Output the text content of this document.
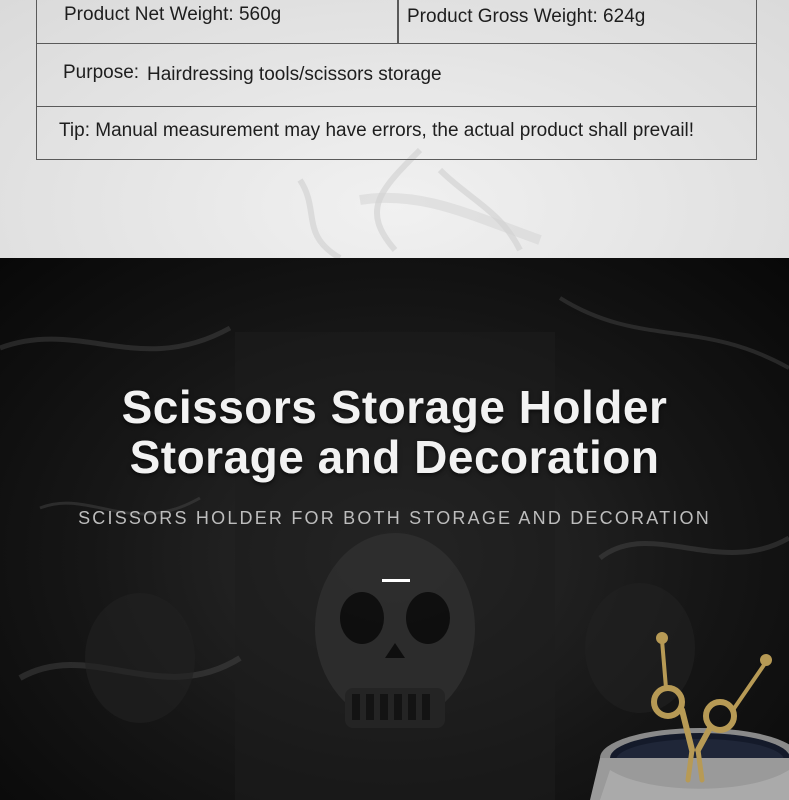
Product Net Weight: 560g	Product Gross Weight: 624g
Purpose: Hairdressing tools/scissors storage
Tip: Manual measurement may have errors, the actual product shall prevail!
Scissors Storage Holder
Storage and Decoration
SCISSORS HOLDER FOR BOTH STORAGE AND DECORATION
